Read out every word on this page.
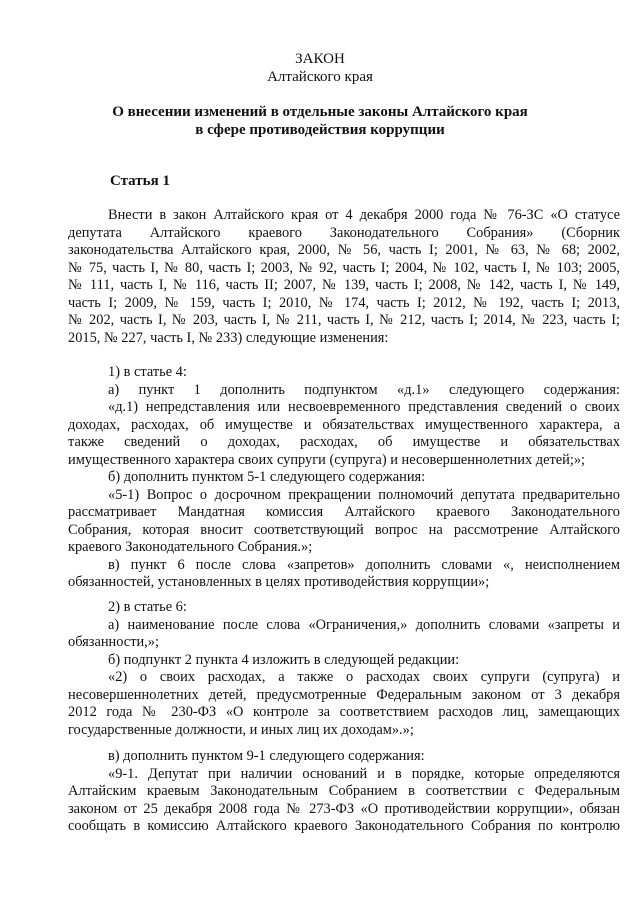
ЗАКОН
Алтайского края
О внесении изменений в отдельные законы Алтайского края
в сфере противодействия коррупции
Статья 1
Внести в закон Алтайского края от 4 декабря 2000 года № 76-ЗС «О статусе
депутата Алтайского краевого Законодательного Собрания» (Сборник
законодательства Алтайского края, 2000, № 56, часть I; 2001, № 63, № 68; 2002,
№ 75, часть I, № 80, часть I; 2003, № 92, часть I; 2004, № 102, часть I, № 103; 2005,
№ 111, часть I, № 116, часть II; 2007, № 139, часть I; 2008, № 142, часть I, № 149,
часть I; 2009, № 159, часть I; 2010, № 174, часть I; 2012, № 192, часть I; 2013,
№ 202, часть I, № 203, часть I, № 211, часть I, № 212, часть I; 2014, № 223, часть I;
2015, № 227, часть I, № 233) следующие изменения:
1) в статье 4:
а) пункт 1 дополнить подпунктом «д.1» следующего содержания:
«д.1) непредставления или несвоевременного представления сведений о своих
доходах, расходах, об имуществе и обязательствах имущественного характера, а
также сведений о доходах, расходах, об имуществе и обязательствах
имущественного характера своих супруги (супруга) и несовершеннолетних детей;»;
б) дополнить пунктом 5-1 следующего содержания:
«5-1) Вопрос о досрочном прекращении полномочий депутата предварительно
рассматривает Мандатная комиссия Алтайского краевого Законодательного
Собрания, которая вносит соответствующий вопрос на рассмотрение Алтайского
краевого Законодательного Собрания.»;
в) пункт 6 после слова «запретов» дополнить словами «, неисполнением
обязанностей, установленных в целях противодействия коррупции»;
2) в статье 6:
а) наименование после слова «Ограничения,» дополнить словами «запреты и
обязанности,»;
б) подпункт 2 пункта 4 изложить в следующей редакции:
«2) о своих расходах, а также о расходах своих супруги (супруга) и
несовершеннолетних детей, предусмотренные Федеральным законом от 3 декабря
2012 года № 230-ФЗ «О контроле за соответствием расходов лиц, замещающих
государственные должности, и иных лиц их доходам».»;
в) дополнить пунктом 9-1 следующего содержания:
«9-1. Депутат при наличии оснований и в порядке, которые определяются
Алтайским краевым Законодательным Собранием в соответствии с Федеральным
законом от 25 декабря 2008 года № 273-ФЗ «О противодействии коррупции», обязан
сообщать в комиссию Алтайского краевого Законодательного Собрания по контролю
